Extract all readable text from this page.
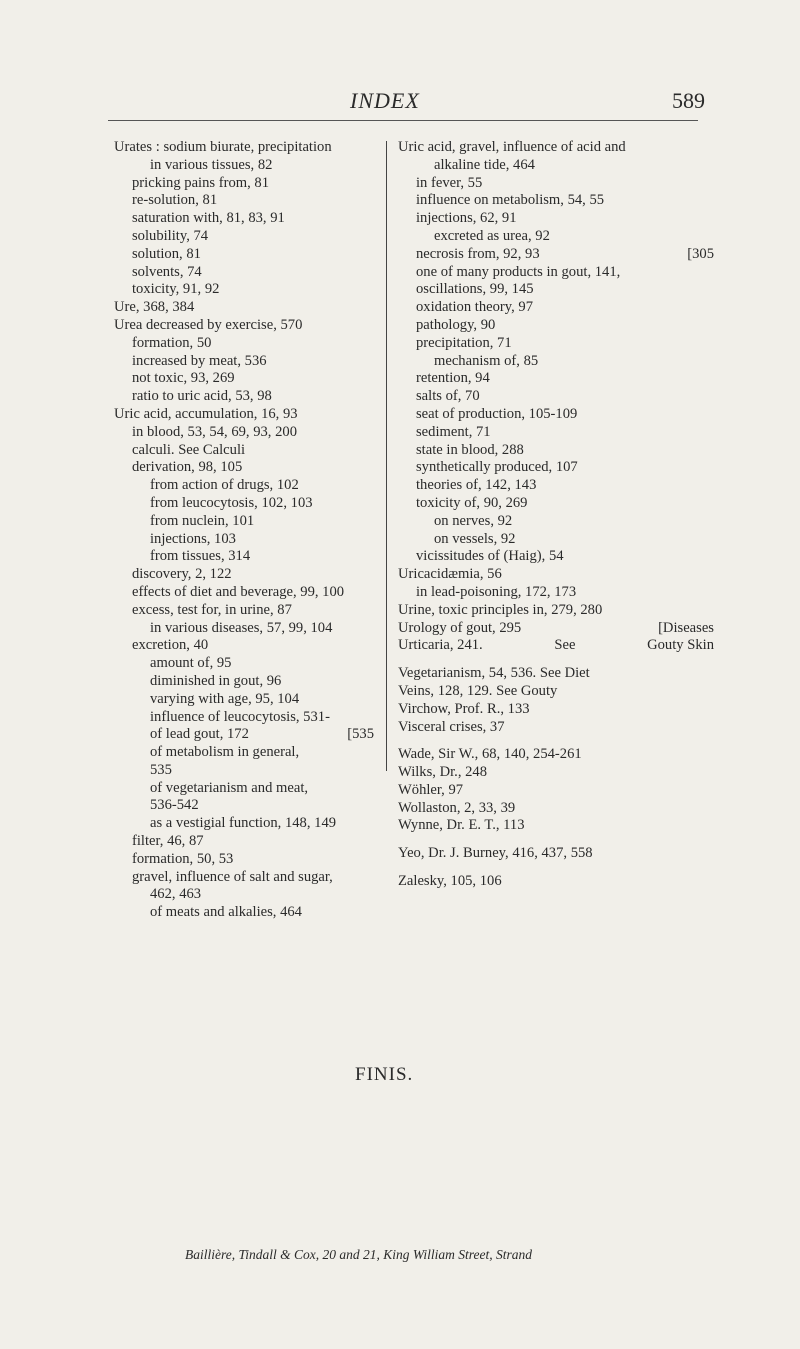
INDEX	589
Urates : sodium biurate, precipitation
in various tissues, 82
pricking pains from, 81
re-solution, 81
saturation with, 81, 83, 91
solubility, 74
solution, 81
solvents, 74
toxicity, 91, 92
Ure, 368, 384
Urea decreased by exercise, 570
formation, 50
increased by meat, 536
not toxic, 93, 269
ratio to uric acid, 53, 98
Uric acid, accumulation, 16, 93
in blood, 53, 54, 69, 93, 200
calculi. See Calculi
derivation, 98, 105
from action of drugs, 102
from leucocytosis, 102, 103
from nuclein, 101
injections, 103
from tissues, 314
discovery, 2, 122
effects of diet and beverage, 99, 100
excess, test for, in urine, 87
in various diseases, 57, 99, 104
excretion, 40
amount of, 95
diminished in gout, 96
varying with age, 95, 104
influence of leucocytosis, 531-
of lead gout, 172	[535
of metabolism in general,
535
of vegetarianism and meat,
536-542
as a vestigial function, 148, 149
filter, 46, 87
formation, 50, 53
gravel, influence of salt and sugar,
462, 463
of meats and alkalies, 464
Uric acid, gravel, influence of acid and
alkaline tide, 464
in fever, 55
influence on metabolism, 54, 55
injections, 62, 91
excreted as urea, 92
necrosis from, 92, 93	[305
one of many products in gout, 141,
oscillations, 99, 145
oxidation theory, 97
pathology, 90
precipitation, 71
mechanism of, 85
retention, 94
salts of, 70
seat of production, 105-109
sediment, 71
state in blood, 288
synthetically produced, 107
theories of, 142, 143
toxicity of, 90, 269
on nerves, 92
on vessels, 92
vicissitudes of (Haig), 54
Uricacidæmia, 56
in lead-poisoning, 172, 173
Urine, toxic principles in, 279, 280
Urology of gout, 295	[Diseases
Urticaria, 241.	See	Gouty Skin
Vegetarianism, 54, 536. See Diet
Veins, 128, 129. See Gouty
Virchow, Prof. R., 133
Visceral crises, 37
Wade, Sir W., 68, 140, 254-261
Wilks, Dr., 248
Wöhler, 97
Wollaston, 2, 33, 39
Wynne, Dr. E. T., 113
Yeo, Dr. J. Burney, 416, 437, 558
Zalesky, 105, 106
FINIS.
Baillière, Tindall & Cox, 20 and 21, King William Street, Strand
